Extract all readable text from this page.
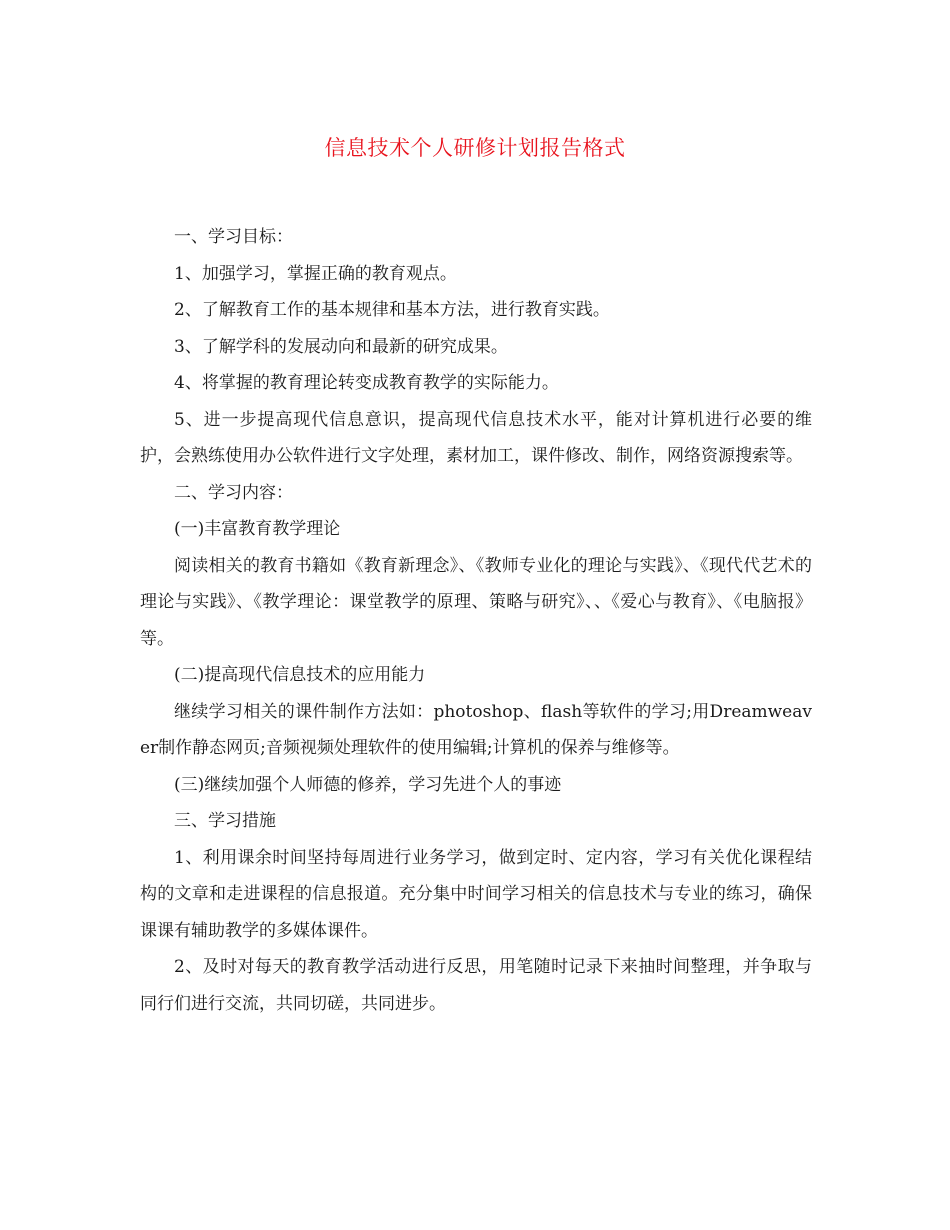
信息技术个人研修计划报告格式

一、学习目标：

1、加强学习，掌握正确的教育观点。

2、了解教育工作的基本规律和基本方法，进行教育实践。

3、了解学科的发展动向和最新的研究成果。

4、将掌握的教育理论转变成教育教学的实际能力。

5、进一步提高现代信息意识，提高现代信息技术水平，能对计算机进行必要的维护，会熟练使用办公软件进行文字处理，素材加工，课件修改、制作，网络资源搜索等。

二、学习内容：

(一)丰富教育教学理论

阅读相关的教育书籍如《教育新理念》、《教师专业化的理论与实践》、《现代代艺术的理论与实践》、《教学理论：课堂教学的原理、策略与研究》、、《爱心与教育》、《电脑报》等。

(二)提高现代信息技术的应用能力

继续学习相关的课件制作方法如：photoshop、flash等软件的学习;用Dreamweaver制作静态网页;音频视频处理软件的使用编辑;计算机的保养与维修等。

(三)继续加强个人师德的修养，学习先进个人的事迹

三、学习措施

1、利用课余时间坚持每周进行业务学习，做到定时、定内容，学习有关优化课程结构的文章和走进课程的信息报道。充分集中时间学习相关的信息技术与专业的练习，确保课课有辅助教学的多媒体课件。

2、及时对每天的教育教学活动进行反思，用笔随时记录下来抽时间整理，并争取与同行们进行交流，共同切磋，共同进步。
